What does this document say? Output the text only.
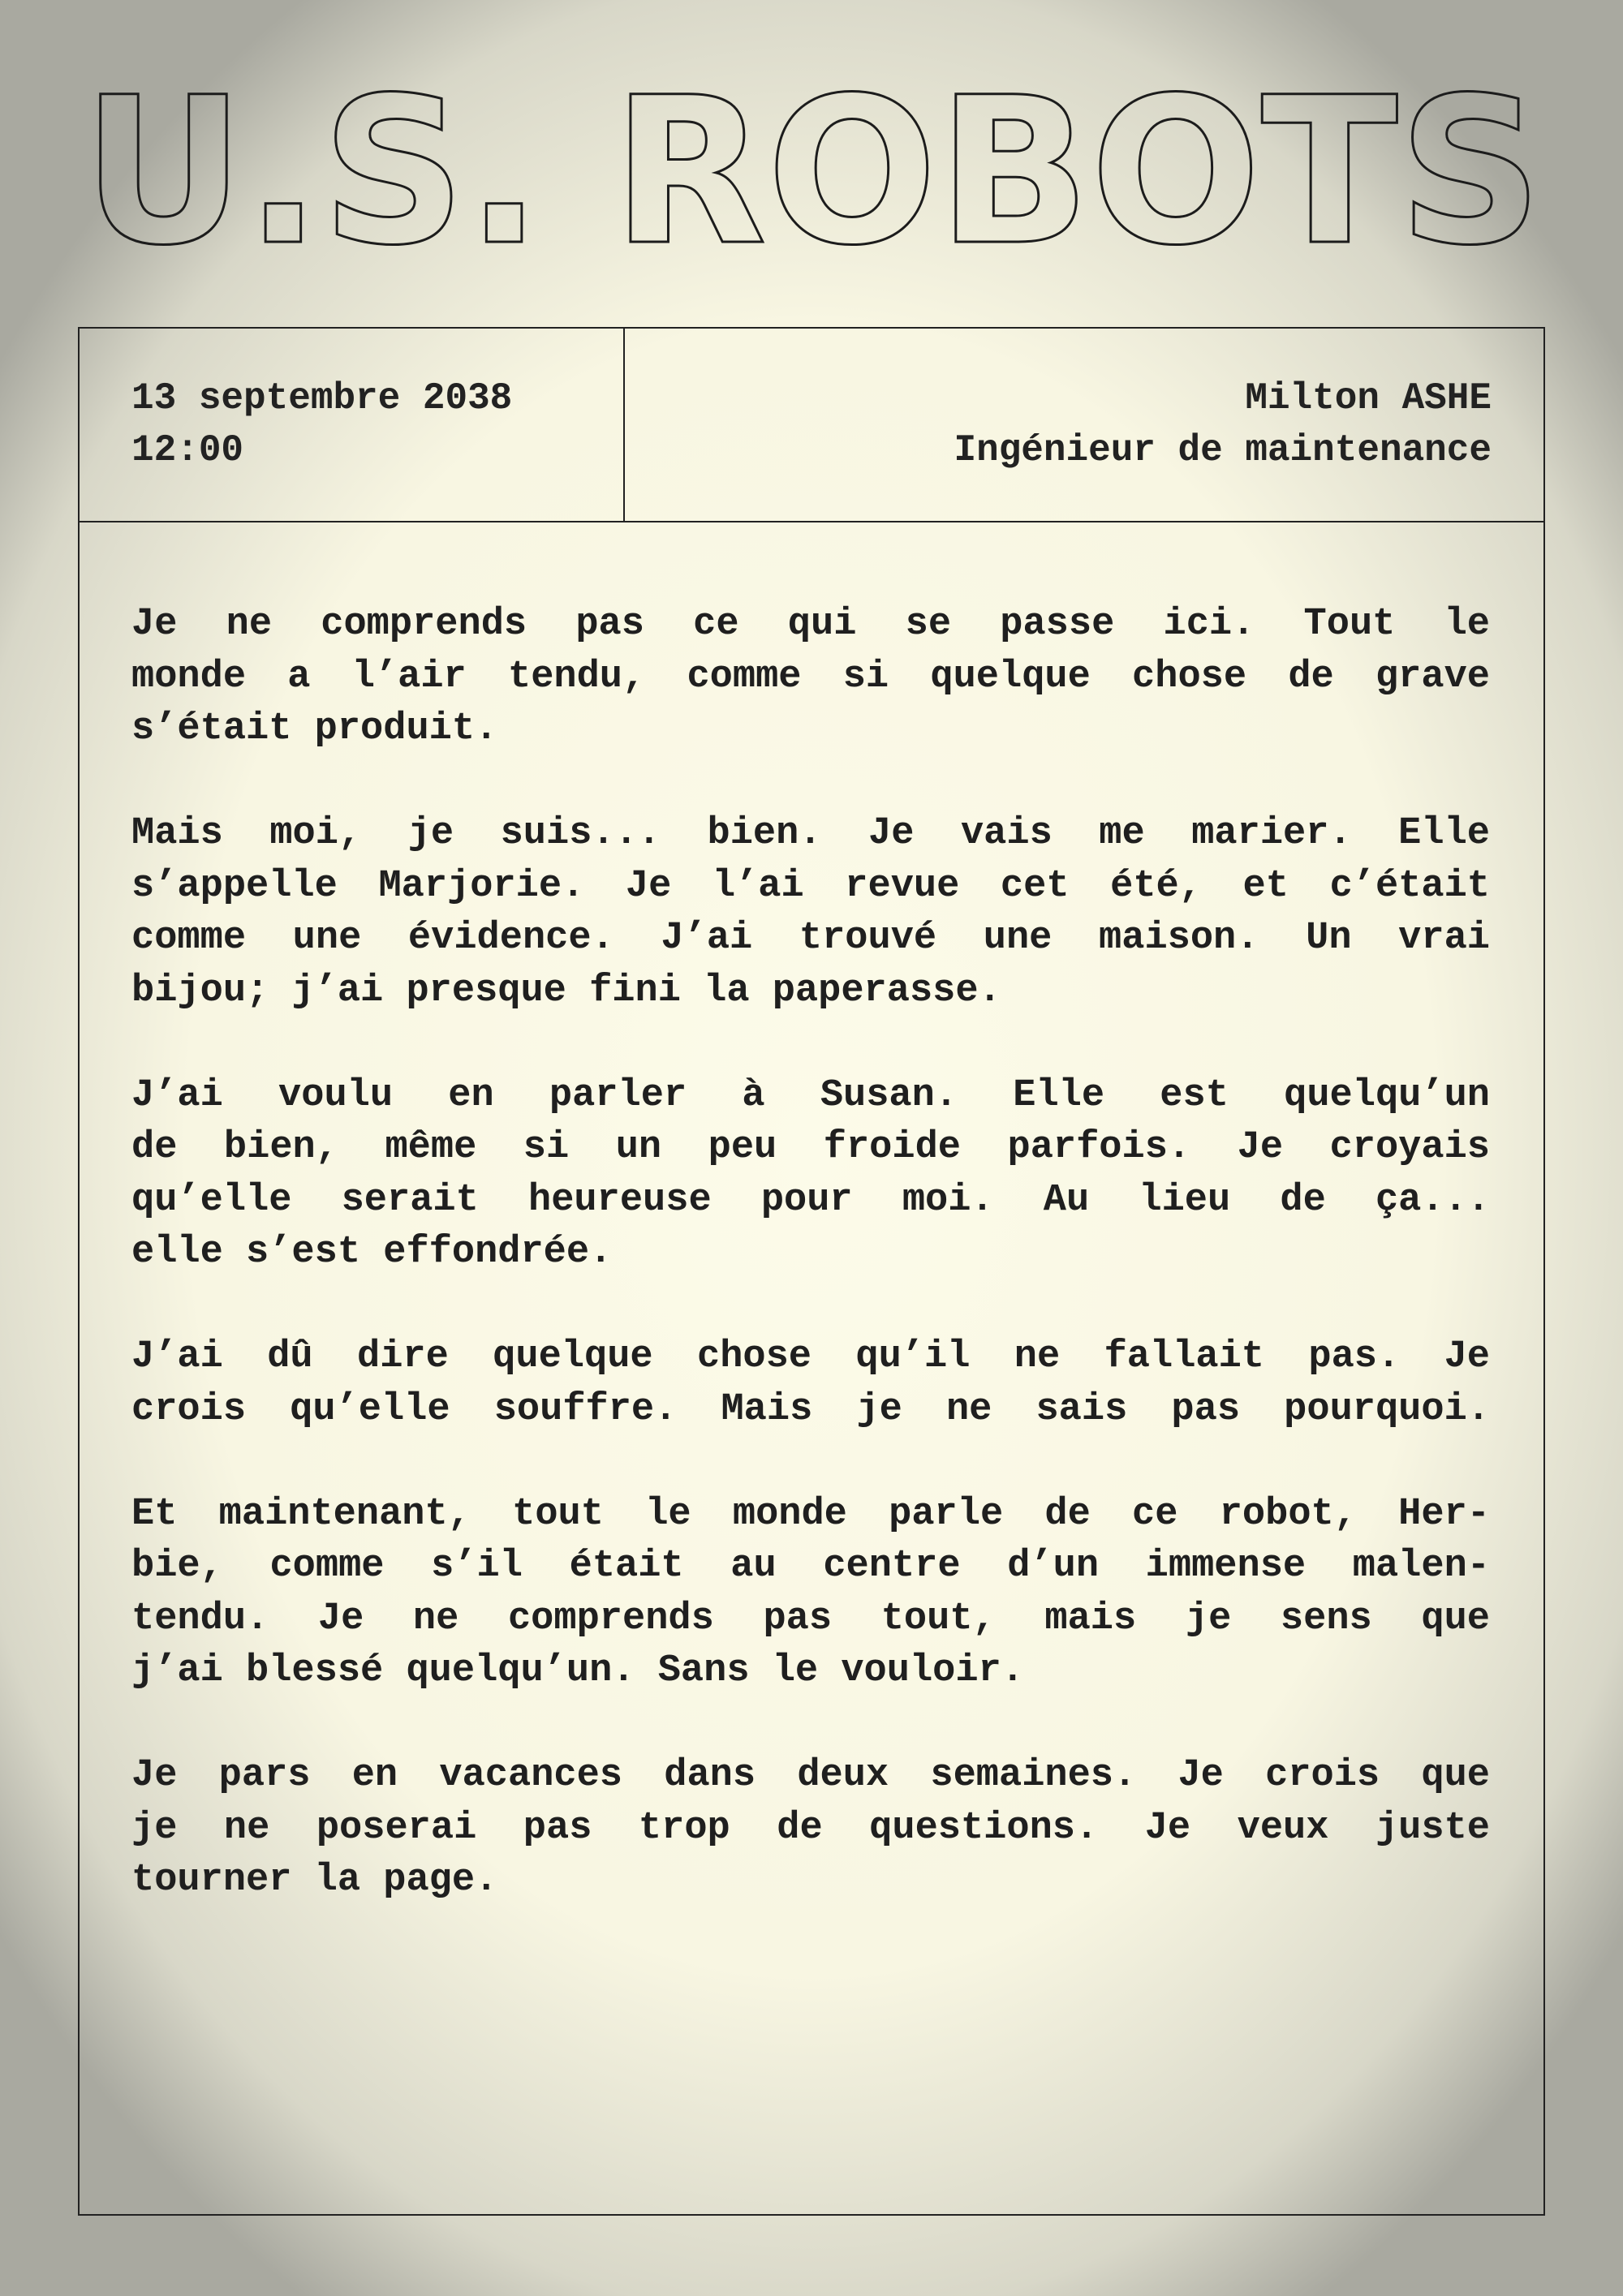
U.S. ROBOTS
13 septembre 2038
12:00
Milton ASHE
Ingénieur de maintenance
Je ne comprends pas ce qui se passe ici. Tout le
monde a l’air tendu, comme si quelque chose de grave
s’était produit.
Mais moi, je suis... bien. Je vais me marier. Elle
s’appelle Marjorie. Je l’ai revue cet été, et c’était
comme une évidence. J’ai trouvé une maison. Un vrai
bijou; j’ai presque fini la paperasse.
J’ai voulu en parler à Susan. Elle est quelqu’un
de bien, même si un peu froide parfois. Je croyais
qu’elle serait heureuse pour moi. Au lieu de ça...
elle s’est effondrée.
J’ai dû dire quelque chose qu’il ne fallait pas. Je
crois qu’elle souffre. Mais je ne sais pas pourquoi.
Et maintenant, tout le monde parle de ce robot, Her-
bie, comme s’il était au centre d’un immense malen-
tendu. Je ne comprends pas tout, mais je sens que
j’ai blessé quelqu’un. Sans le vouloir.
Je pars en vacances dans deux semaines. Je crois que
je ne poserai pas trop de questions. Je veux juste
tourner la page.
